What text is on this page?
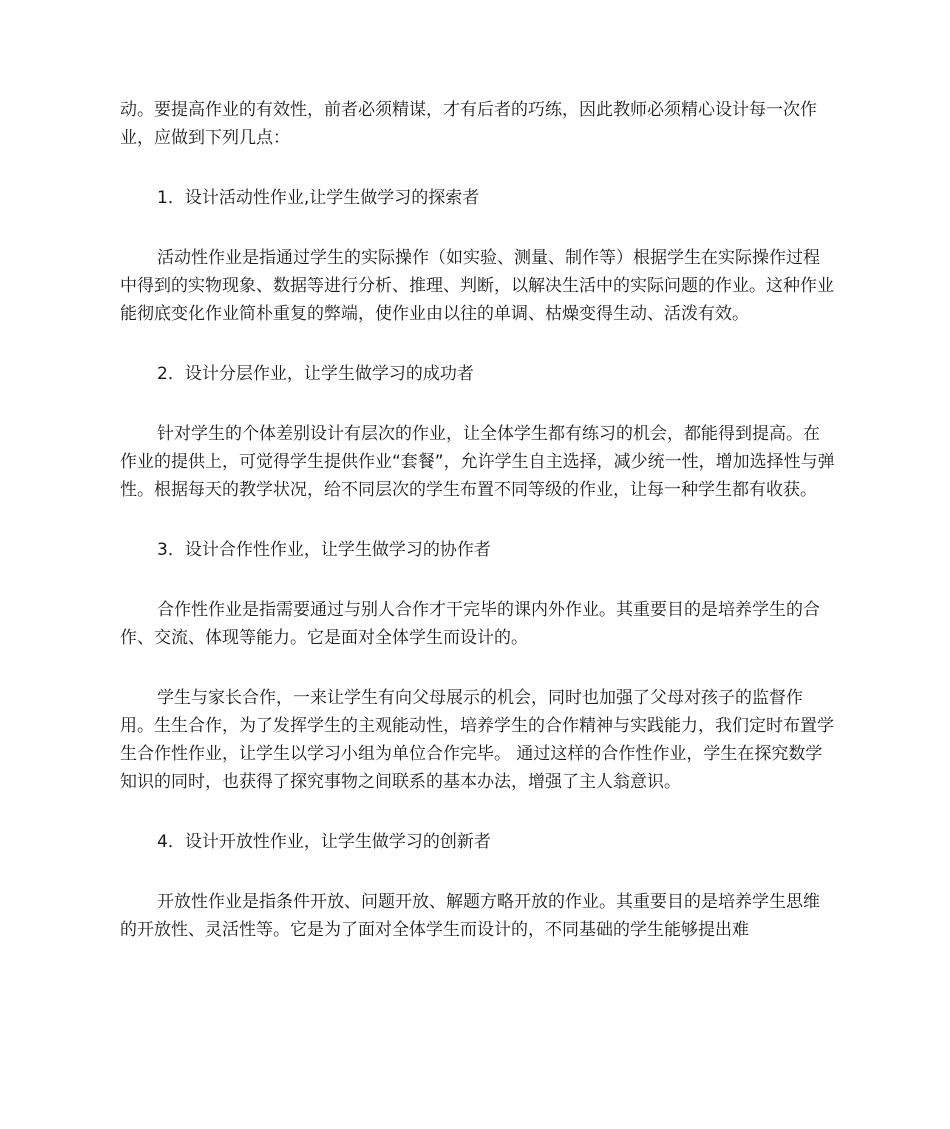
动。要提高作业的有效性，前者必须精谋，才有后者的巧练，因此教师必须精心设计每一次作业，应做到下列几点：

1．设计活动性作业,让学生做学习的探索者

活动性作业是指通过学生的实际操作（如实验、测量、制作等）根据学生在实际操作过程中得到的实物现象、数据等进行分析、推理、判断，以解决生活中的实际问题的作业。这种作业能彻底变化作业简朴重复的弊端，使作业由以往的单调、枯燥变得生动、活泼有效。

2．设计分层作业，让学生做学习的成功者

针对学生的个体差别设计有层次的作业，让全体学生都有练习的机会，都能得到提高。在作业的提供上，可觉得学生提供作业“套餐”，允许学生自主选择，减少统一性，增加选择性与弹性。根据每天的教学状况，给不同层次的学生布置不同等级的作业，让每一种学生都有收获。

3．设计合作性作业，让学生做学习的协作者

合作性作业是指需要通过与别人合作才干完毕的课内外作业。其重要目的是培养学生的合作、交流、体现等能力。它是面对全体学生而设计的。

学生与家长合作，一来让学生有向父母展示的机会，同时也加强了父母对孩子的监督作用。生生合作，为了发挥学生的主观能动性，培养学生的合作精神与实践能力，我们定时布置学生合作性作业，让学生以学习小组为单位合作完毕。 通过这样的合作性作业，学生在探究数学知识的同时，也获得了探究事物之间联系的基本办法，增强了主人翁意识。

4．设计开放性作业，让学生做学习的创新者

开放性作业是指条件开放、问题开放、解题方略开放的作业。其重要目的是培养学生思维的开放性、灵活性等。它是为了面对全体学生而设计的，不同基础的学生能够提出难
